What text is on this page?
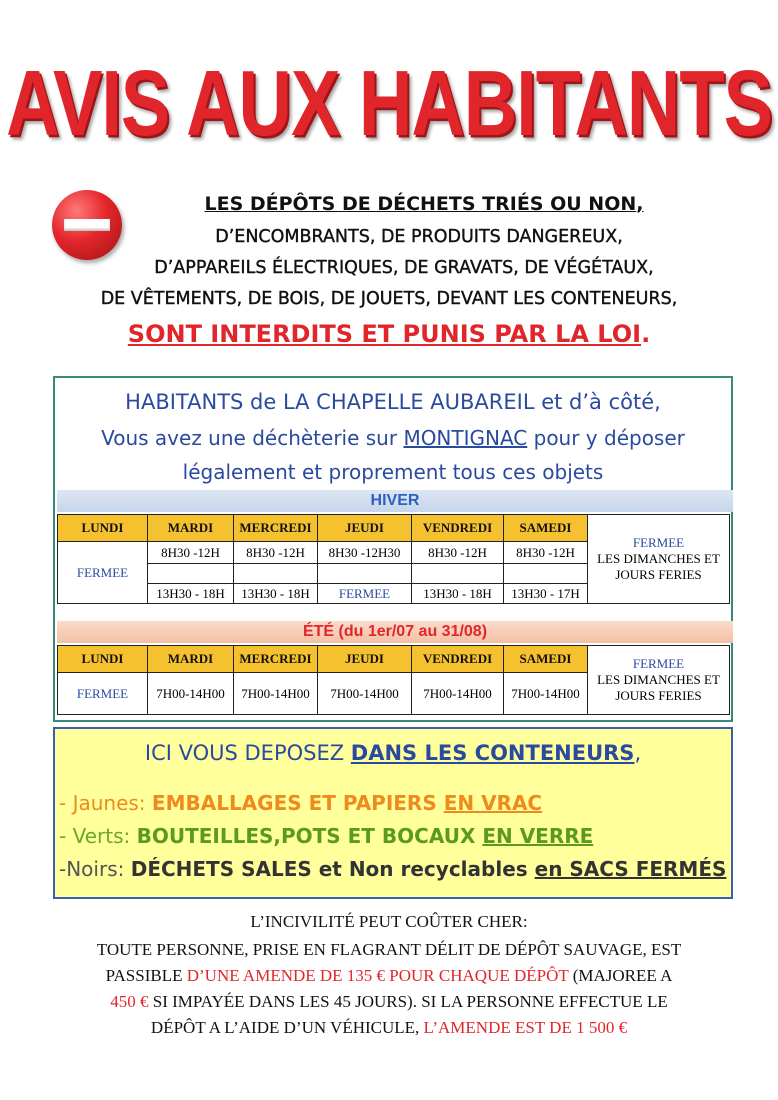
AVIS AUX HABITANTS
LES DÉPÔTS DE DÉCHETS TRIÉS OU NON,
D’ENCOMBRANTS, DE PRODUITS DANGEREUX,
D’APPAREILS ÉLECTRIQUES, DE GRAVATS, DE VÉGÉTAUX,
DE VÊTEMENTS, DE BOIS, DE JOUETS, DEVANT LES CONTENEURS,
SONT INTERDITS ET PUNIS PAR LA LOI.
HABITANTS de LA CHAPELLE AUBAREIL et d’à côté,
Vous avez une déchèterie sur MONTIGNAC pour y déposer
légalement et proprement tous ces objets
HIVER
LUNDI	MARDI	MERCREDI	JEUDI	VENDREDI	SAMEDI	FERMEE
LES DIMANCHES ET
JOURS FERIES

FERMEE	8H30 -12H	8H30 -12H	8H30 -12H30	8H30 -12H	8H30 -12H	

	13H30 - 18H	13H30 - 18H	FERMEE	13H30 - 18H	13H30 - 17H	
ÉTÉ (du 1er/07 au 31/08)
LUNDI	MARDI	MERCREDI	JEUDI	VENDREDI	SAMEDI	FERMEE
LES DIMANCHES ET
JOURS FERIES

FERMEE	7H00-14H00	7H00-14H00	7H00-14H00	7H00-14H00	7H00-14H00	
ICI VOUS DEPOSEZ DANS LES CONTENEURS,
- Jaunes: EMBALLAGES ET PAPIERS EN VRAC
- Verts: BOUTEILLES,POTS ET BOCAUX EN VERRE
-Noirs: DÉCHETS SALES et Non recyclables en SACS FERMÉS
L’INCIVILITÉ PEUT COÛTER CHER:
TOUTE PERSONNE, PRISE EN FLAGRANT DÉLIT DE DÉPÔT SAUVAGE, EST
PASSIBLE D’UNE AMENDE DE 135 € POUR CHAQUE DÉPÔT (MAJOREE A
450 € SI IMPAYÉE DANS LES 45 JOURS). SI LA PERSONNE EFFECTUE LE
DÉPÔT A L’AIDE D’UN VÉHICULE, L’AMENDE EST DE 1 500 €
